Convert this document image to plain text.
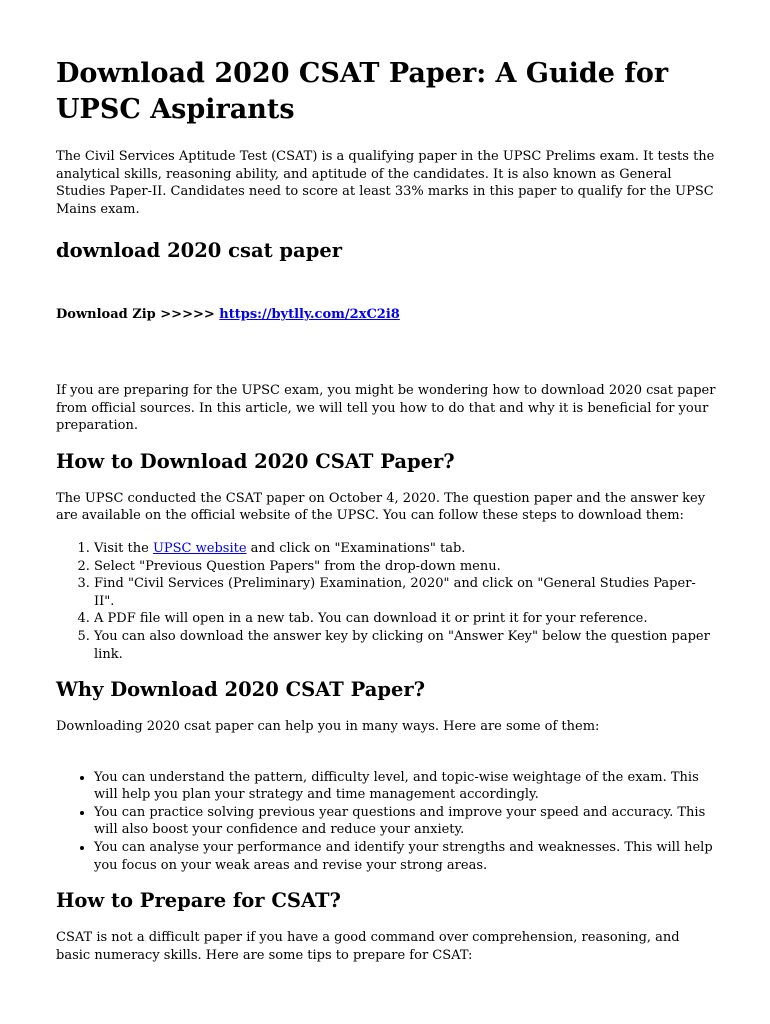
Download 2020 CSAT Paper: A Guide for UPSC Aspirants

The Civil Services Aptitude Test (CSAT) is a qualifying paper in the UPSC Prelims exam. It tests the analytical skills, reasoning ability, and aptitude of the candidates. It is also known as General Studies Paper-II. Candidates need to score at least 33% marks in this paper to qualify for the UPSC Mains exam.

download 2020 csat paper

Download Zip >>>>> https://bytlly.com/2xC2i8

If you are preparing for the UPSC exam, you might be wondering how to download 2020 csat paper from official sources. In this article, we will tell you how to do that and why it is beneficial for your preparation.

How to Download 2020 CSAT Paper?

The UPSC conducted the CSAT paper on October 4, 2020. The question paper and the answer key are available on the official website of the UPSC. You can follow these steps to download them:

1. Visit the UPSC website and click on "Examinations" tab.
2. Select "Previous Question Papers" from the drop-down menu.
3. Find "Civil Services (Preliminary) Examination, 2020" and click on "General Studies Paper-II".
4. A PDF file will open in a new tab. You can download it or print it for your reference.
5. You can also download the answer key by clicking on "Answer Key" below the question paper link.
Why Download 2020 CSAT Paper?

Downloading 2020 csat paper can help you in many ways. Here are some of them:

• You can understand the pattern, difficulty level, and topic-wise weightage of the exam. This will help you plan your strategy and time management accordingly.
• You can practice solving previous year questions and improve your speed and accuracy. This will also boost your confidence and reduce your anxiety.
• You can analyse your performance and identify your strengths and weaknesses. This will help you focus on your weak areas and revise your strong areas.
How to Prepare for CSAT?

CSAT is not a difficult paper if you have a good command over comprehension, reasoning, and basic numeracy skills. Here are some tips to prepare for CSAT:
